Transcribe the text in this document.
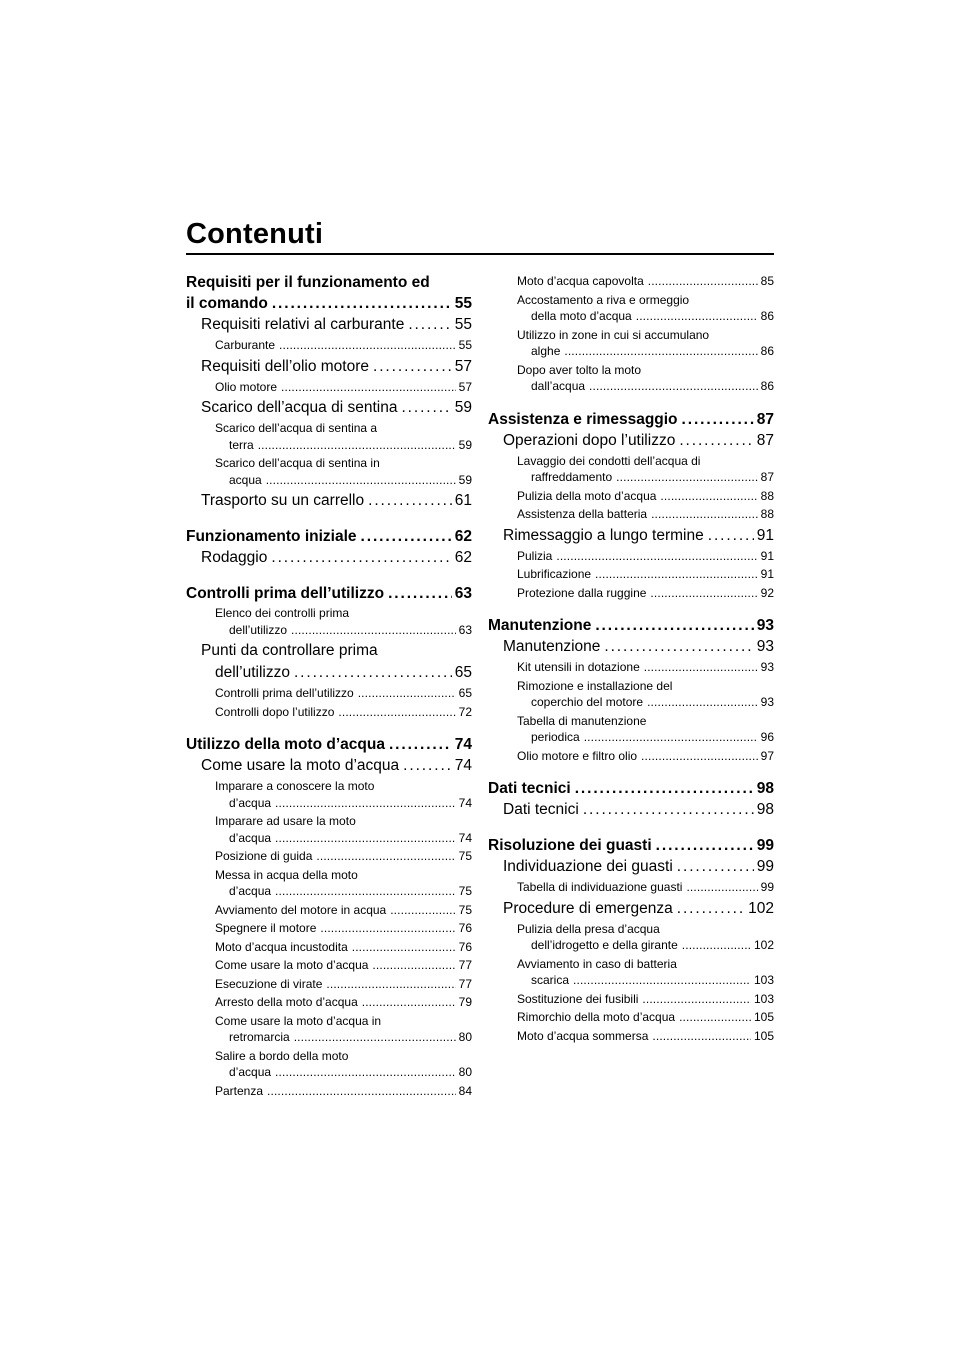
Contenuti
Requisiti per il funzionamento ed
il comando . . .	55
Requisiti relativi al carburante . . .	55
Carburante . . .	55
Requisiti dell’olio motore . . .	57
Olio motore . . .	57
Scarico dell’acqua di sentina . . .	59
Scarico dell’acqua di sentina a
terra . . .	59
Scarico dell’acqua di sentina in
acqua . . .	59
Trasporto su un carrello . . .	61
Funzionamento iniziale . . .	62
Rodaggio . . .	62
Controlli prima dell’utilizzo . . .	63
Elenco dei controlli prima
dell’utilizzo . . .	63
Punti da controllare prima
dell’utilizzo . . .	65
Controlli prima dell’utilizzo . . .	65
Controlli dopo l’utilizzo . . .	72
Utilizzo della moto d’acqua . . .	74
Come usare la moto d’acqua . . .	74
Imparare a conoscere la moto
d’acqua . . .	74
Imparare ad usare la moto
d’acqua . . .	74
Posizione di guida . . .	75
Messa in acqua della moto
d’acqua . . .	75
Avviamento del motore in acqua . . .	75
Spegnere il motore . . .	76
Moto d’acqua incustodita . . .	76
Come usare la moto d’acqua . . .	77
Esecuzione di virate . . .	77
Arresto della moto d’acqua . . .	79
Come usare la moto d’acqua in
retromarcia . . .	80
Salire a bordo della moto
d’acqua . . .	80
Partenza . . .	84
Moto d’acqua capovolta . . .	85
Accostamento a riva e ormeggio
della moto d’acqua . . .	86
Utilizzo in zone in cui si accumulano
alghe . . .	86
Dopo aver tolto la moto
dall’acqua . . .	86
Assistenza e rimessaggio . . .	87
Operazioni dopo l’utilizzo . . .	87
Lavaggio dei condotti dell’acqua di
raffreddamento . . .	87
Pulizia della moto d’acqua . . .	88
Assistenza della batteria . . .	88
Rimessaggio a lungo termine . . .	91
Pulizia . . .	91
Lubrificazione . . .	91
Protezione dalla ruggine . . .	92
Manutenzione . . .	93
Manutenzione . . .	93
Kit utensili in dotazione . . .	93
Rimozione e installazione del
coperchio del motore . . .	93
Tabella di manutenzione
periodica . . .	96
Olio motore e filtro olio . . .	97
Dati tecnici . . .	98
Dati tecnici . . .	98
Risoluzione dei guasti . . .	99
Individuazione dei guasti . . .	99
Tabella di individuazione guasti . . .	99
Procedure di emergenza . . .	102
Pulizia della presa d’acqua
dell’idrogetto e della girante . . .	102
Avviamento in caso di batteria
scarica . . .	103
Sostituzione dei fusibili . . .	103
Rimorchio della moto d’acqua . . .	105
Moto d’acqua sommersa . . .	105
